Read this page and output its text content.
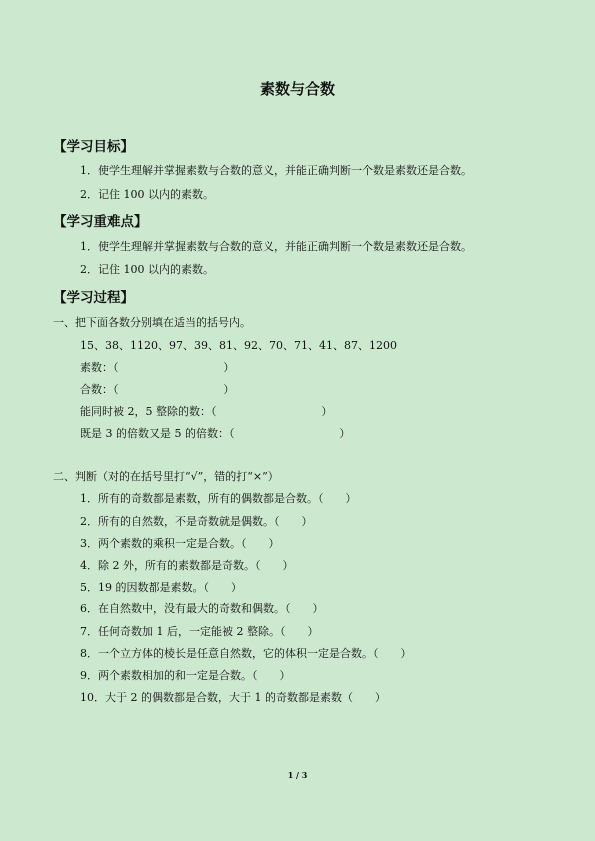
素数与合数
【学习目标】
1．使学生理解并掌握素数与合数的意义，并能正确判断一个数是素数还是合数。
2．记住 100 以内的素数。
【学习重难点】
1．使学生理解并掌握素数与合数的意义，并能正确判断一个数是素数还是合数。
2．记住 100 以内的素数。
【学习过程】
一、把下面各数分别填在适当的括号内。
15、38、1120、97、39、81、92、70、71、41、87、1200
素数：（                              ）
合数：（                              ）
能同时被 2，5 整除的数：（                              ）
既是 3 的倍数又是 5 的倍数：（                              ）
二、判断（对的在括号里打“√”，错的打“×”）
1．所有的奇数都是素数，所有的偶数都是合数。（　　）
2．所有的自然数，不是奇数就是偶数。（　　）
3．两个素数的乘积一定是合数。（　　）
4．除 2 外，所有的素数都是奇数。（　　）
5．19 的因数都是素数。（　　）
6．在自然数中，没有最大的奇数和偶数。（　　）
7．任何奇数加 1 后，一定能被 2 整除。（　　）
8．一个立方体的棱长是任意自然数，它的体积一定是合数。（　　）
9．两个素数相加的和一定是合数。（　　）
10．大于 2 的偶数都是合数，大于 1 的奇数都是素数（　　）
1 / 3
